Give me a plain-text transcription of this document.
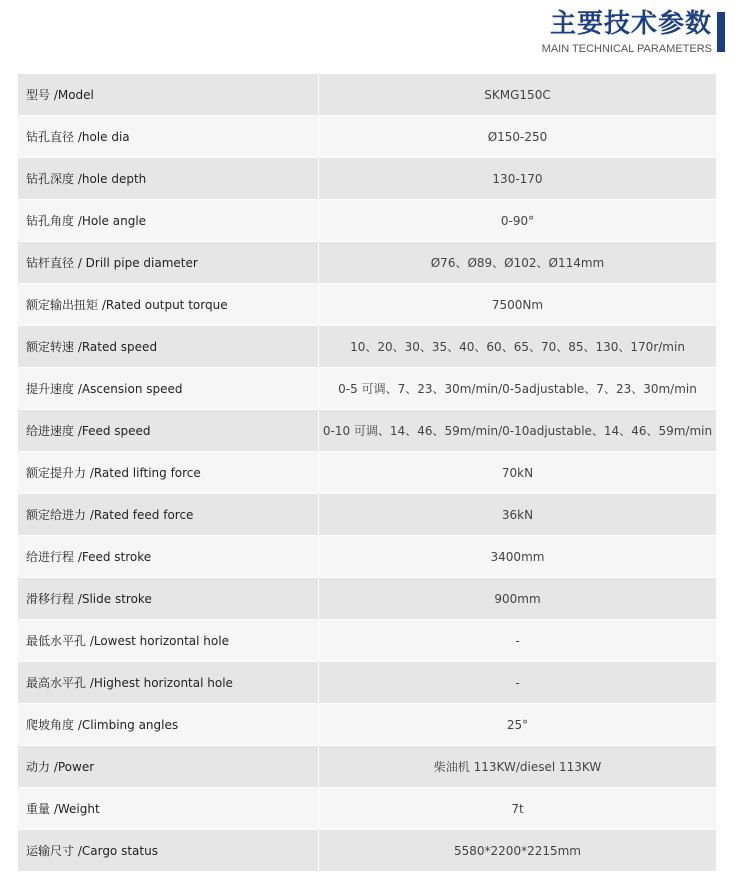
主要技术参数
MAIN TECHNICAL PARAMETERS
型号 /Model	SKMG150C
钻孔直径 /hole dia	Ø150-250
钻孔深度 /hole depth	130-170
钻孔角度 /Hole angle	0-90°
钻杆直径 / Drill pipe diameter	Ø76、Ø89、Ø102、Ø114mm
额定输出扭矩 /Rated output torque	7500Nm
额定转速 /Rated speed	10、20、30、35、40、60、65、70、85、130、170r/min
提升速度 /Ascension speed	0-5 可调、7、23、30m/min/0-5adjustable、7、23、30m/min
给进速度 /Feed speed	0-10 可调、14、46、59m/min/0-10adjustable、14、46、59m/min
额定提升力 /Rated lifting force	70kN
额定给进力 /Rated feed force	36kN
给进行程 /Feed stroke	3400mm
滑移行程 /Slide stroke	900mm
最低水平孔 /Lowest horizontal hole	-
最高水平孔 /Highest horizontal hole	-
爬坡角度 /Climbing angles	25°
动力 /Power	柴油机 113KW/diesel 113KW
重量 /Weight	7t
运输尺寸 /Cargo status	5580*2200*2215mm
